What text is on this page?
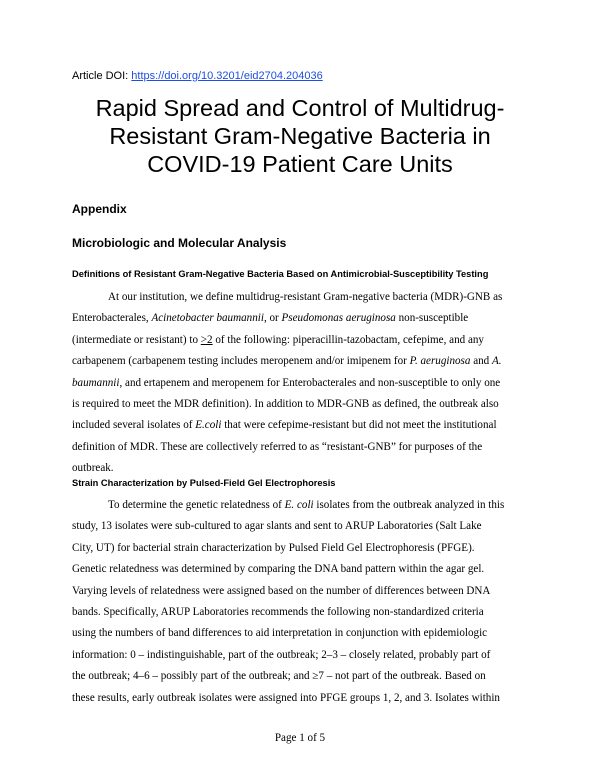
Article DOI: https://doi.org/10.3201/eid2704.204036
Rapid Spread and Control of Multidrug-
Resistant Gram-Negative Bacteria in
COVID-19 Patient Care Units
Appendix
Microbiologic and Molecular Analysis
Definitions of Resistant Gram-Negative Bacteria Based on Antimicrobial-Susceptibility Testing

At our institution, we define multidrug-resistant Gram-negative bacteria (MDR)-GNB as
Enterobacterales, Acinetobacter baumannii, or Pseudomonas aeruginosa non-susceptible
(intermediate or resistant) to >2 of the following: piperacillin-tazobactam, cefepime, and any
carbapenem (carbapenem testing includes meropenem and/or imipenem for P. aeruginosa and A.
baumannii, and ertapenem and meropenem for Enterobacterales and non-susceptible to only one
is required to meet the MDR definition). In addition to MDR-GNB as defined, the outbreak also
included several isolates of E.coli that were cefepime-resistant but did not meet the institutional
definition of MDR. These are collectively referred to as “resistant-GNB” for purposes of the
outbreak.

Strain Characterization by Pulsed-Field Gel Electrophoresis

To determine the genetic relatedness of E. coli isolates from the outbreak analyzed in this
study, 13 isolates were sub-cultured to agar slants and sent to ARUP Laboratories (Salt Lake
City, UT) for bacterial strain characterization by Pulsed Field Gel Electrophoresis (PFGE).
Genetic relatedness was determined by comparing the DNA band pattern within the agar gel.
Varying levels of relatedness were assigned based on the number of differences between DNA
bands. Specifically, ARUP Laboratories recommends the following non-standardized criteria
using the numbers of band differences to aid interpretation in conjunction with epidemiologic
information: 0 – indistinguishable, part of the outbreak; 2–3 – closely related, probably part of
the outbreak; 4–6 – possibly part of the outbreak; and ≥7 – not part of the outbreak. Based on
these results, early outbreak isolates were assigned into PFGE groups 1, 2, and 3. Isolates within

Page 1 of 5
